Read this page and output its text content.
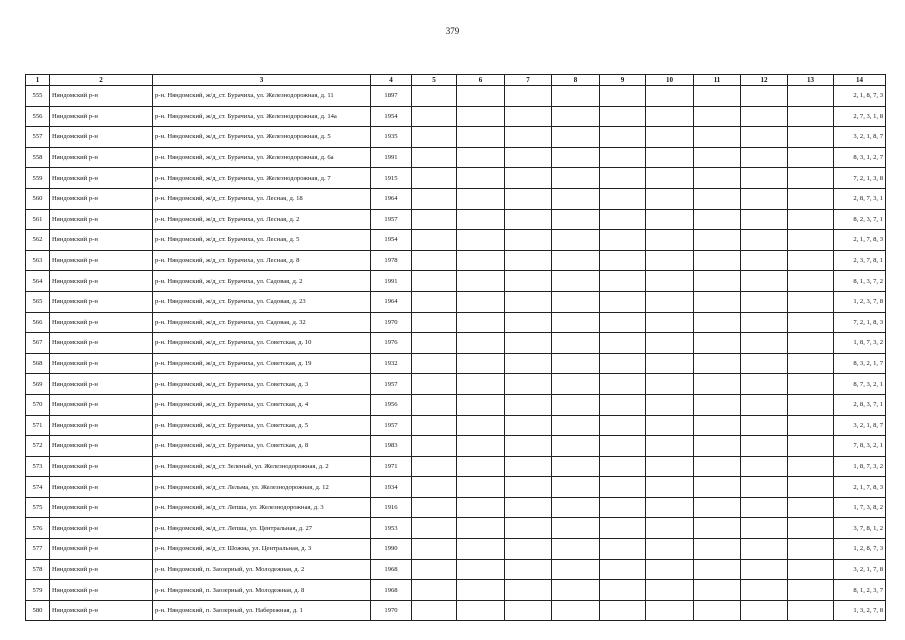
379
1	2	3	4	5	6	7	8	9	10	11	12	13	14
555	Няндомский р-н	р-н. Няндомский, ж/д_ст. Бурачиха, ул. Железнодорожная, д. 11	1897										2, 1, 8, 7, 3
556	Няндомский р-н	р-н. Няндомский, ж/д_ст. Бурачиха, ул. Железнодорожная, д. 14а	1954										2, 7, 3, 1, 8
557	Няндомский р-н	р-н. Няндомский, ж/д_ст. Бурачиха, ул. Железнодорожная, д. 5	1935										3, 2, 1, 8, 7
558	Няндомский р-н	р-н. Няндомский, ж/д_ст. Бурачиха, ул. Железнодорожная, д. 6а	1991										8, 3, 1, 2, 7
559	Няндомский р-н	р-н. Няндомский, ж/д_ст. Бурачиха, ул. Железнодорожная, д. 7	1915										7, 2, 1, 3, 8
560	Няндомский р-н	р-н. Няндомский, ж/д_ст. Бурачиха, ул. Лесная, д. 18	1964										2, 8, 7, 3, 1
561	Няндомский р-н	р-н. Няндомский, ж/д_ст. Бурачиха, ул. Лесная, д. 2	1957										8, 2, 3, 7, 1
562	Няндомский р-н	р-н. Няндомский, ж/д_ст. Бурачиха, ул. Лесная, д. 5	1954										2, 1, 7, 8, 3
563	Няндомский р-н	р-н. Няндомский, ж/д_ст. Бурачиха, ул. Лесная, д. 8	1978										2, 3, 7, 8, 1
564	Няндомский р-н	р-н. Няндомский, ж/д_ст. Бурачиха, ул. Садовая, д. 2	1991										8, 1, 3, 7, 2
565	Няндомский р-н	р-н. Няндомский, ж/д_ст. Бурачиха, ул. Садовая, д. 23	1964										1, 2, 3, 7, 8
566	Няндомский р-н	р-н. Няндомский, ж/д_ст. Бурачиха, ул. Садовая, д. 32	1970										7, 2, 1, 8, 3
567	Няндомский р-н	р-н. Няндомский, ж/д_ст. Бурачиха, ул. Советская, д. 10	1976										1, 8, 7, 3, 2
568	Няндомский р-н	р-н. Няндомский, ж/д_ст. Бурачиха, ул. Советская, д. 19	1932										8, 3, 2, 1, 7
569	Няндомский р-н	р-н. Няндомский, ж/д_ст. Бурачиха, ул. Советская, д. 3	1957										8, 7, 3, 2, 1
570	Няндомский р-н	р-н. Няндомский, ж/д_ст. Бурачиха, ул. Советская, д. 4	1956										2, 8, 3, 7, 1
571	Няндомский р-н	р-н. Няндомский, ж/д_ст. Бурачиха, ул. Советская, д. 5	1957										3, 2, 1, 8, 7
572	Няндомский р-н	р-н. Няндомский, ж/д_ст. Бурачиха, ул. Советская, д. 8	1983										7, 8, 3, 2, 1
573	Няндомский р-н	р-н. Няндомский, ж/д_ст. Зеленый, ул. Железнодорожная, д. 2	1971										1, 8, 7, 3, 2
574	Няндомский р-н	р-н. Няндомский, ж/д_ст. Лельма, ул. Железнодорожная, д. 12	1934										2, 1, 7, 8, 3
575	Няндомский р-н	р-н. Няндомский, ж/д_ст. Лепша, ул. Железнодорожная, д. 3	1916										1, 7, 3, 8, 2
576	Няндомский р-н	р-н. Няндомский, ж/д_ст. Лепша, ул. Центральная, д. 27	1953										3, 7, 8, 1, 2
577	Няндомский р-н	р-н. Няндомский, ж/д_ст. Шожма, ул. Центральная, д. 3	1990										1, 2, 8, 7, 3
578	Няндомский р-н	р-н. Няндомский, п. Заозерный, ул. Молодежная, д. 2	1968										3, 2, 1, 7, 8
579	Няндомский р-н	р-н. Няндомский, п. Заозерный, ул. Молодежная, д. 8	1968										8, 1, 2, 3, 7
580	Няндомский р-н	р-н. Няндомский, п. Заозерный, ул. Набережная, д. 1	1970										1, 3, 2, 7, 8
